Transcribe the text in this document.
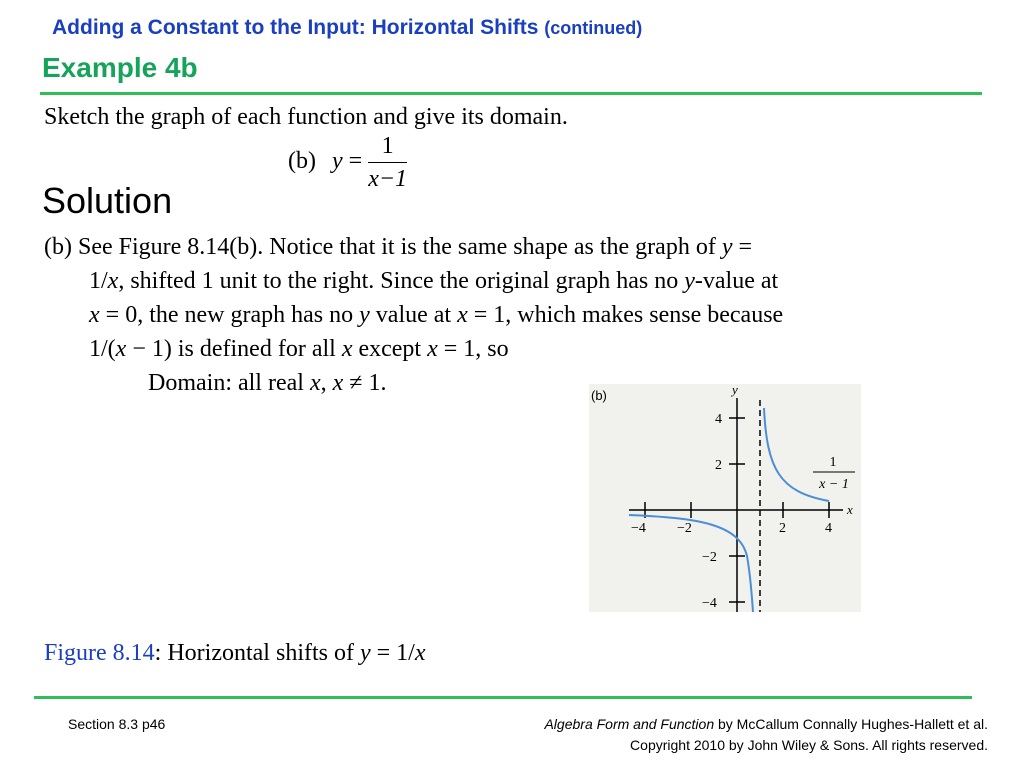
Adding a Constant to the Input: Horizontal Shifts (continued)
Example 4b
Sketch the graph of each function and give its domain.
(b) $y = \frac{1}{x-1}$
Solution
(b) See Figure 8.14(b). Notice that it is the same shape as the graph of y =
1/x, shifted 1 unit to the right. Since the original graph has no y-value at
x = 0, the new graph has no y value at x = 1, which makes sense because
1/(x − 1) is defined for all x except x = 1, so
Domain: all real x, x ≠ 1.	(b)	y
x
−4 −2	2	4
4
2
−2
−4
1
x − 1
Figure 8.14: Horizontal shifts of y = 1/x
Section 8.3 p46	Algebra Form and Function by McCallum Connally Hughes-Hallett et al.
Copyright 2010 by John Wiley & Sons. All rights reserved.
